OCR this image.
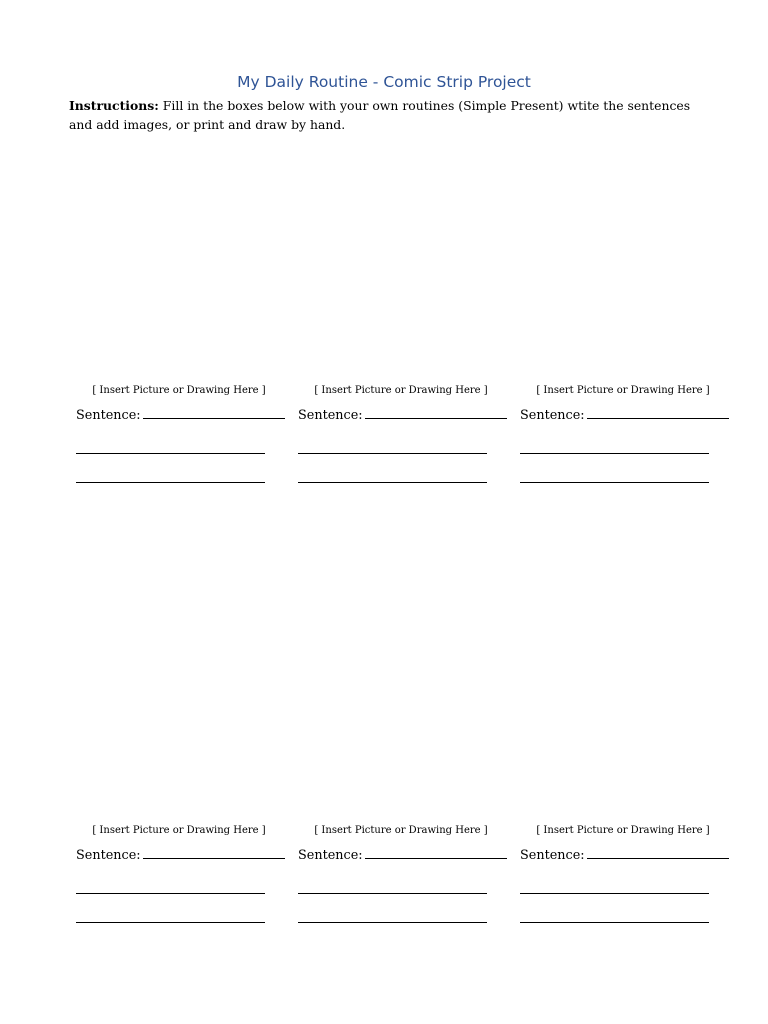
My Daily Routine - Comic Strip Project
Instructions: Fill in the boxes below with your own routines (Simple Present) wtite the sentences and add images, or print and draw by hand.
[ Insert Picture or Drawing Here ]
Sentence:
[ Insert Picture or Drawing Here ]
Sentence:
[ Insert Picture or Drawing Here ]
Sentence:
[ Insert Picture or Drawing Here ]
Sentence:
[ Insert Picture or Drawing Here ]
Sentence:
[ Insert Picture or Drawing Here ]
Sentence:
